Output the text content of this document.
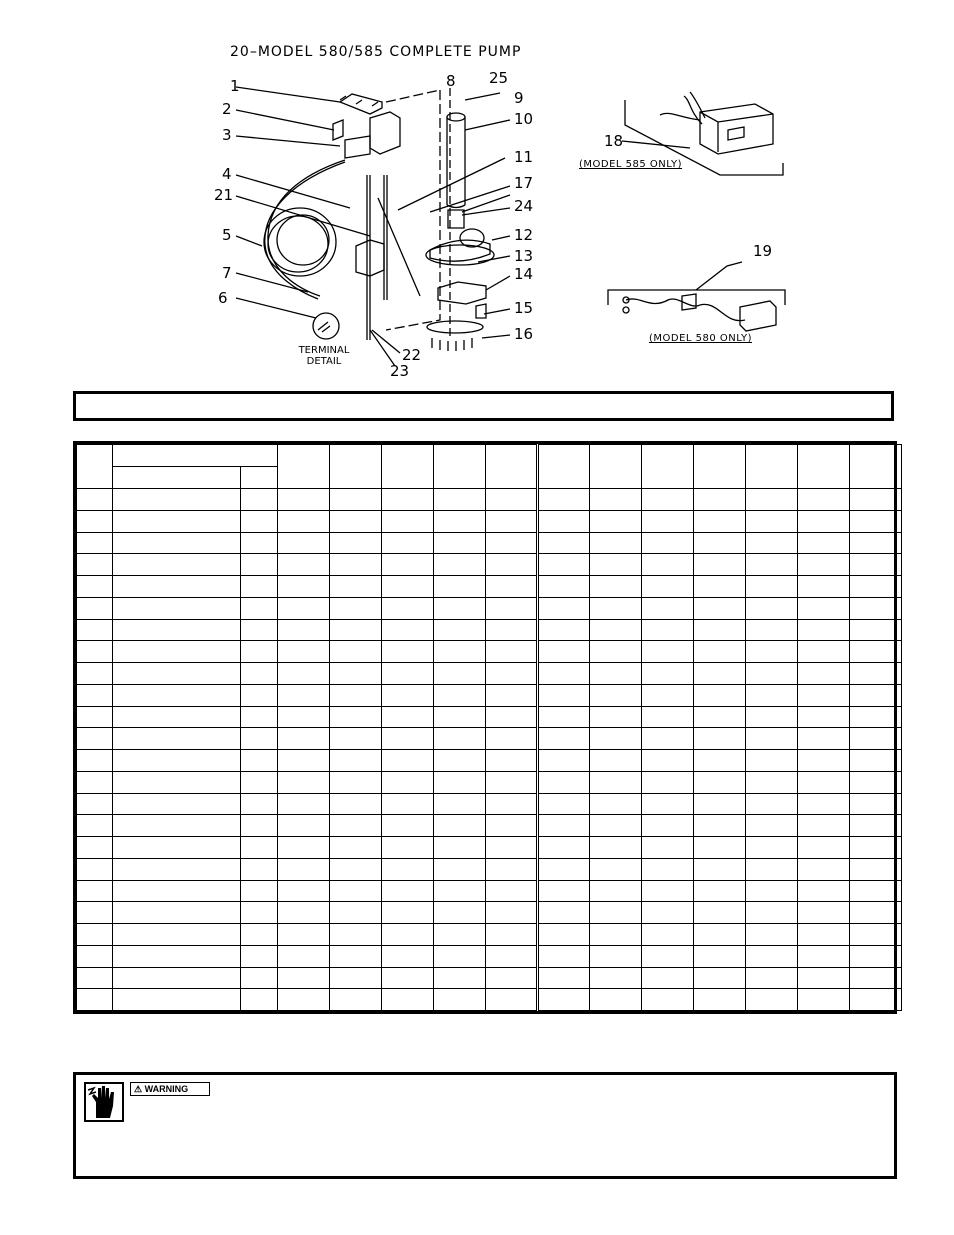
20–MODEL 580/585 COMPLETE PUMP
1
2
3
4
21
5
7
6
8 25
9
10
11
17
24
12
13
14
15
16
22
23
18
19
TERMINAL
DETAIL
(MODEL 585 ONLY)
(MODEL 580 ONLY)

⚠ WARNING
